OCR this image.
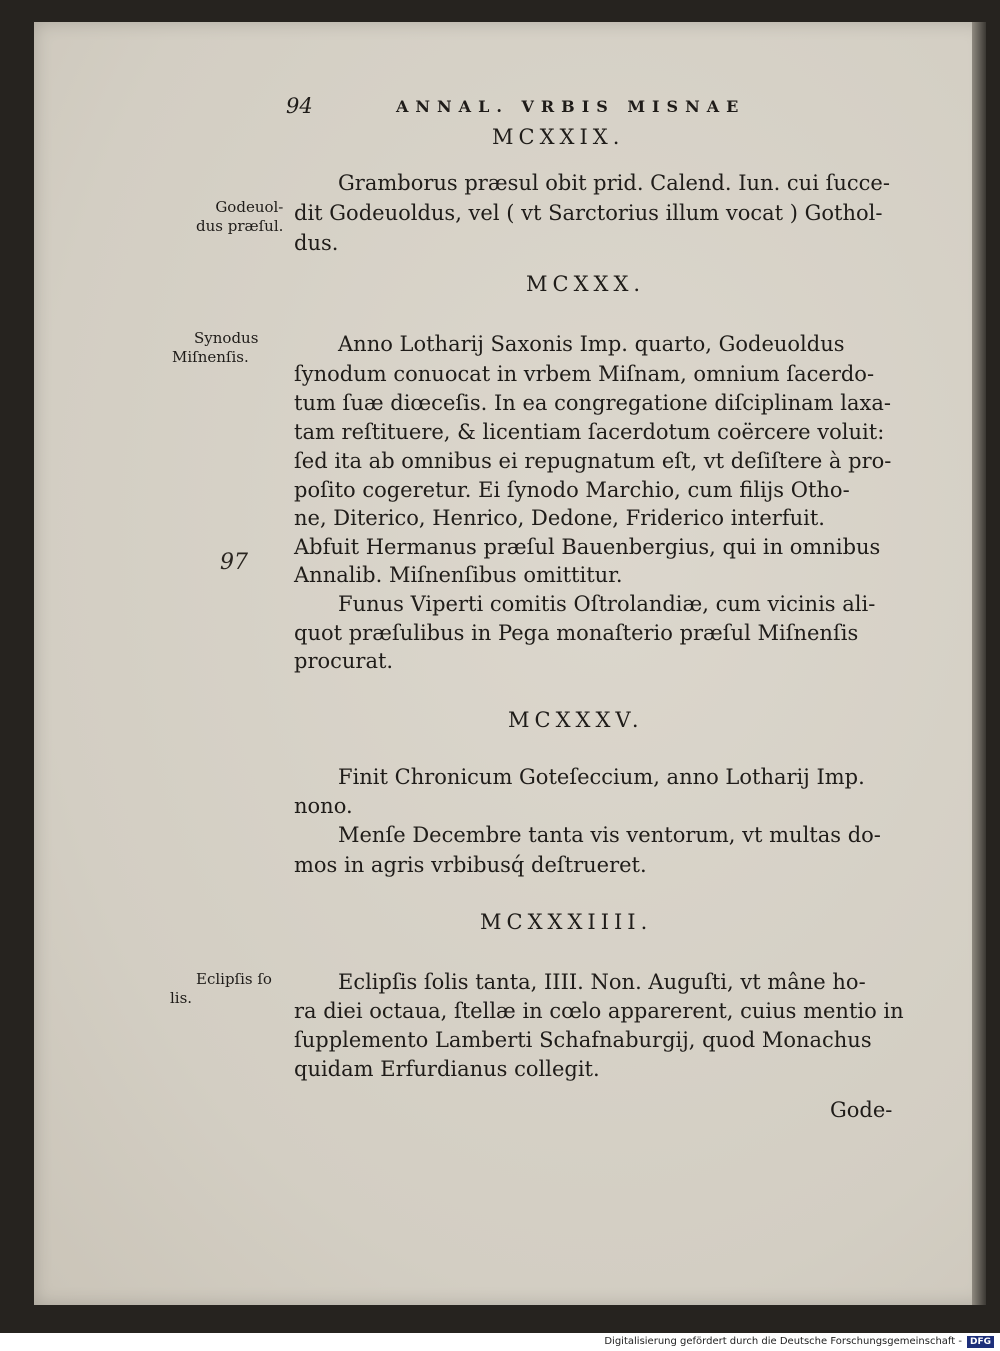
94	ANNAL. VRBIS MISNAE
MCXXIX.
Godeuol-
dus præſul.
Gramborus præsul obit prid. Calend. Iun. cui ſucce-
dit Godeuoldus, vel ( vt Sarctorius illum vocat ) Gothol-
dus.
MCXXX.
Synodus
Miſnenſis.
Anno Lotharij Saxonis Imp. quarto, Godeuoldus
ſynodum conuocat in vrbem Miſnam, omnium ſacerdo-
tum ſuæ diœceſis. In ea congregatione diſciplinam laxa-
tam reſtituere, & licentiam ſacerdotum coërcere voluit:
ſed ita ab omnibus ei repugnatum eſt, vt deſiſtere à pro-
poſito cogeretur. Ei ſynodo Marchio, cum filijs Otho-
ne, Diterico, Henrico, Dedone, Friderico interfuit.
Abfuit Hermanus præſul Bauenbergius, qui in omnibus
Annalib. Miſnenſibus omittitur.
Funus Viperti comitis Oſtrolandiæ, cum vicinis ali-
quot præſulibus in Pega monaſterio præſul Miſnenſis
procurat.
97
MCXXXV.
Finit Chronicum Goteſeccium, anno Lotharij Imp.
nono.
Menſe Decembre tanta vis ventorum, vt multas do-
mos in agris vrbibusq́ deſtrueret.
MCXXXIIII.
Eclipſis ſo
lis.
Eclipſis ſolis tanta, IIII. Non. Auguſti, vt mâne ho-
ra diei octaua, ſtellæ in cœlo apparerent, cuius mentio in
ſupplemento Lamberti Schafnaburgij, quod Monachus
quidam Erfurdianus collegit.
Gode-
Digitalisierung gefördert durch die Deutsche Forschungsgemeinschaft - DFG
